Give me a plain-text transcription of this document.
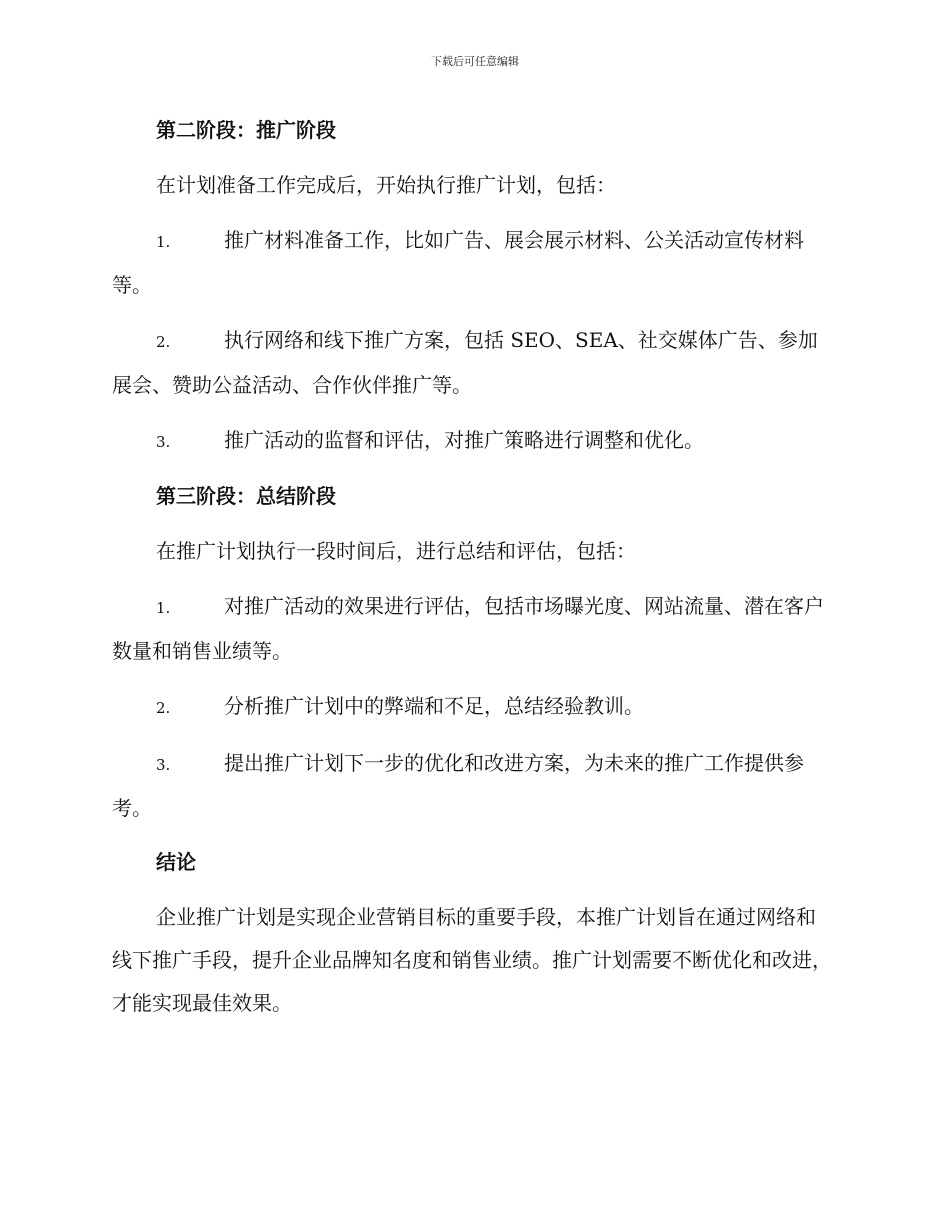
下载后可任意编辑
第二阶段：推广阶段

在计划准备工作完成后，开始执行推广计划，包括：

1.	推广材料准备工作，比如广告、展会展示材料、公关活动宣传材料等。
2.	执行网络和线下推广方案，包括 SEO、SEA、社交媒体广告、参加展会、赞助公益活动、合作伙伴推广等。
3.	推广活动的监督和评估，对推广策略进行调整和优化。
第三阶段：总结阶段

在推广计划执行一段时间后，进行总结和评估，包括：

1.	对推广活动的效果进行评估，包括市场曝光度、网站流量、潜在客户数量和销售业绩等。
2.	分析推广计划中的弊端和不足，总结经验教训。
3.	提出推广计划下一步的优化和改进方案，为未来的推广工作提供参考。
结论

企业推广计划是实现企业营销目标的重要手段，本推广计划旨在通过网络和线下推广手段，提升企业品牌知名度和销售业绩。推广计划需要不断优化和改进，才能实现最佳效果。
